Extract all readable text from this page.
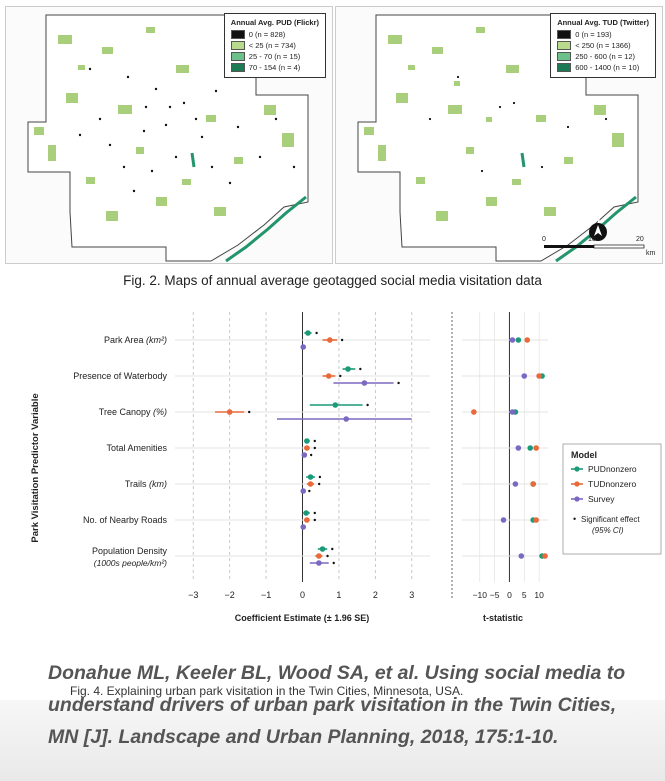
Annual Avg. PUD (Flickr)
0 (n = 828)
< 25 (n = 734)
25 - 70 (n = 15)
70 - 154 (n = 4)
0	10	20
km
N
Annual Avg. TUD (Twitter)
0 (n = 193)
< 250 (n = 1366)
250 - 600 (n = 12)
600 - 1400 (n = 10)
Fig. 2. Maps of annual average geotagged social media visitation data
Park Visitation Predictor Variable
Park Area (km²)
Presence of Waterbody
Tree Canopy (%)
Total Amenities
Trails (km)
No. of Nearby Roads
Population Density
(1000s people/km²)
−3	−2	−1	0	1	2	3	−10 −5 0 5 10
Coefficient Estimate (± 1.96 SE)	t-statistic
Model
PUDnonzero
TUDnonzero
Survey
• Significant effect
(95% CI)
Fig. 4. Explaining urban park visitation in the Twin Cities, Minnesota, USA.
Donahue ML, Keeler BL, Wood SA, et al. Using social media to understand drivers of urban park visitation in the Twin Cities, MN [J]. Landscape and Urban Planning, 2018, 175:1-10.
